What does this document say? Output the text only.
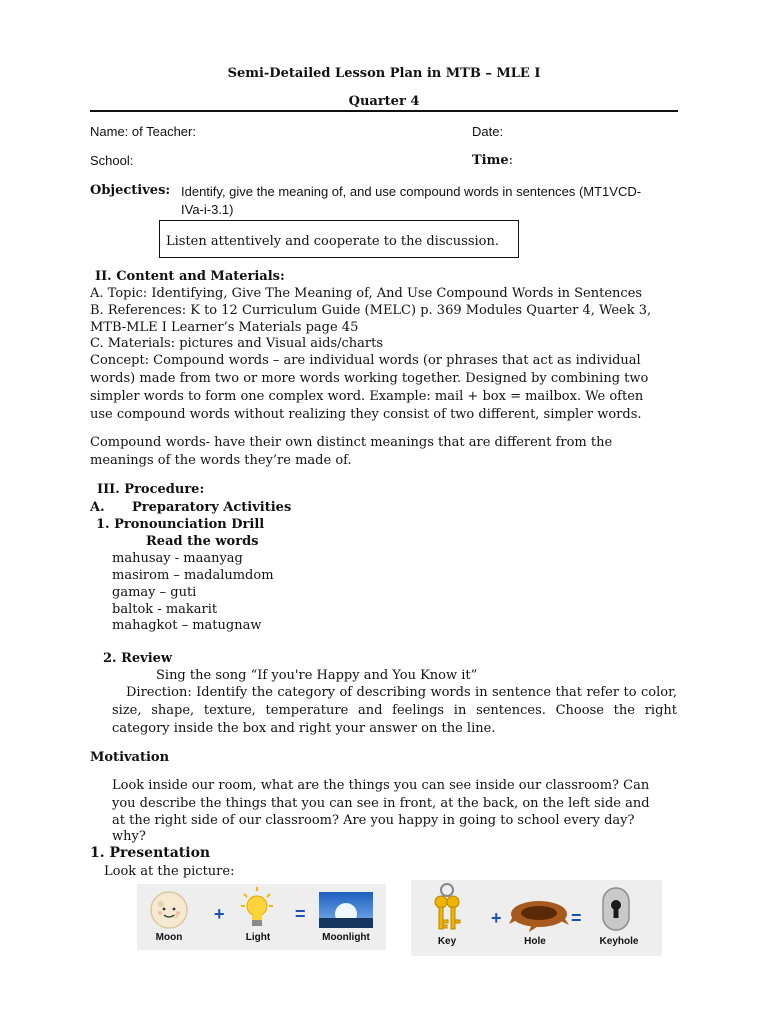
Semi-Detailed Lesson Plan in MTB – MLE I
Quarter 4
Name: of Teacher:	Date:
School:	Time:
Objectives: Identify, give the meaning of, and use compound words in sentences (MT1VCD-
IVa-i-3.1)
Listen attentively and cooperate to the discussion.
II. Content and Materials:
A. Topic: Identifying, Give The Meaning of, And Use Compound Words in Sentences
B. References: K to 12 Curriculum Guide (MELC) p. 369 Modules Quarter 4, Week 3,
MTB-MLE I Learner’s Materials page 45
C. Materials: pictures and Visual aids/charts
Concept: Compound words – are individual words (or phrases that act as individual
words) made from two or more words working together. Designed by combining two
simpler words to form one complex word. Example: mail + box = mailbox. We often
use compound words without realizing they consist of two different, simpler words.
Compound words- have their own distinct meanings that are different from the
meanings of the words they’re made of.
III. Procedure:
A. Preparatory Activities
1. Pronounciation Drill
Read the words
mahusay - maanyag
masirom – madalumdom
gamay – guti
baltok - makarit
mahagkot – matugnaw
2. Review
Sing the song “If you're Happy and You Know it”
Direction: Identify the category of describing words in sentence that refer to color,
size, shape, texture, temperature and feelings in sentences. Choose the right
category inside the box and right your answer on the line.
Motivation
Look inside our room, what are the things you can see inside our classroom? Can
you describe the things that you can see in front, at the back, on the left side and
at the right side of our classroom? Are you happy in going to school every day?
why?
1. Presentation
Look at the picture:
Moon
+
Light
=
Moonlight	Key
+
Hole
=
Keyhole
